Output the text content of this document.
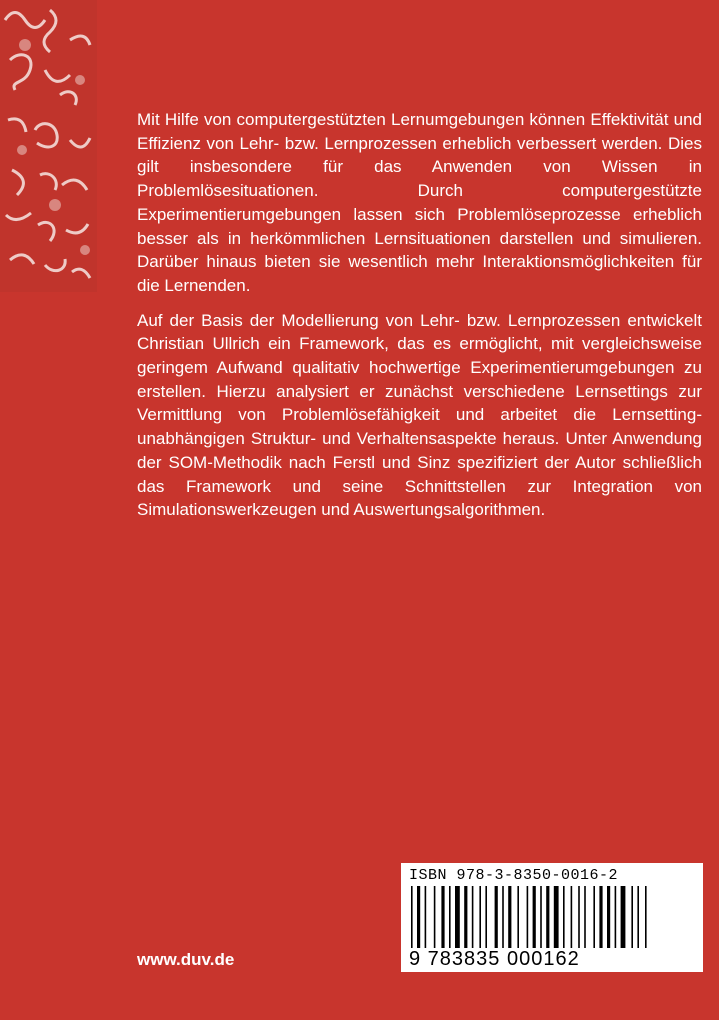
Mit Hilfe von computergestützten Lernumgebungen können Effektivität und Effizienz von Lehr- bzw. Lernprozessen erheblich verbessert werden. Dies gilt insbesondere für das Anwenden von Wissen in Problemlösesituationen. Durch computergestützte Experimentierumgebungen lassen sich Problemlöseprozesse erheblich besser als in herkömmlichen Lernsituationen darstellen und simulieren. Darüber hinaus bieten sie wesentlich mehr Interaktionsmöglichkeiten für die Lernenden.

Auf der Basis der Modellierung von Lehr- bzw. Lernprozessen entwickelt Christian Ullrich ein Framework, das es ermöglicht, mit vergleichsweise geringem Aufwand qualitativ hochwertige Experimentierumgebungen zu erstellen. Hierzu analysiert er zunächst verschiedene Lernsettings zur Vermittlung von Problemlösefähigkeit und arbeitet die Lernsetting-unabhängigen Struktur- und Verhaltensaspekte heraus. Unter Anwendung der SOM-Methodik nach Ferstl und Sinz spezifiziert der Autor schließlich das Framework und seine Schnittstellen zur Integration von Simulationswerkzeugen und Auswertungsalgorithmen.

www.duv.de
ISBN 978-3-8350-0016-2
9 783835 000162
